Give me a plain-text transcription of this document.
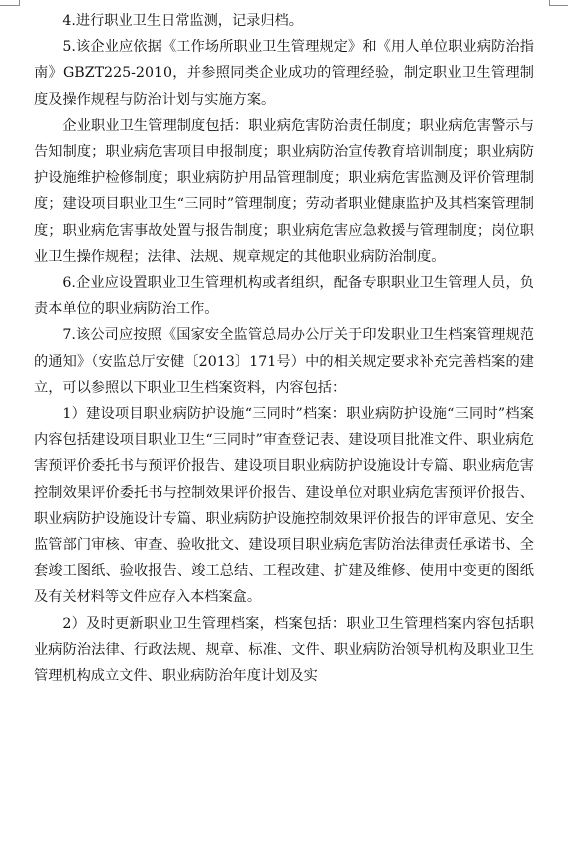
4.进行职业卫生日常监测，记录归档。

5.该企业应依据《工作场所职业卫生管理规定》和《用人单位职业病防治指南》GBZT225-2010，并参照同类企业成功的管理经验，制定职业卫生管理制度及操作规程与防治计划与实施方案。

企业职业卫生管理制度包括：职业病危害防治责任制度；职业病危害警示与告知制度；职业病危害项目申报制度；职业病防治宣传教育培训制度；职业病防护设施维护检修制度；职业病防护用品管理制度；职业病危害监测及评价管理制度；建设项目职业卫生“三同时”管理制度；劳动者职业健康监护及其档案管理制度；职业病危害事故处置与报告制度；职业病危害应急救援与管理制度；岗位职业卫生操作规程；法律、法规、规章规定的其他职业病防治制度。

6.企业应设置职业卫生管理机构或者组织，配备专职职业卫生管理人员，负责本单位的职业病防治工作。

7.该公司应按照《国家安全监管总局办公厅关于印发职业卫生档案管理规范的通知》（安监总厅安健〔2013〕171号）中的相关规定要求补充完善档案的建立，可以参照以下职业卫生档案资料，内容包括：

1）建设项目职业病防护设施“三同时”档案：职业病防护设施“三同时”档案内容包括建设项目职业卫生“三同时”审查登记表、建设项目批准文件、职业病危害预评价委托书与预评价报告、建设项目职业病防护设施设计专篇、职业病危害控制效果评价委托书与控制效果评价报告、建设单位对职业病危害预评价报告、职业病防护设施设计专篇、职业病防护设施控制效果评价报告的评审意见、安全监管部门审核、审查、验收批文、建设项目职业病危害防治法律责任承诺书、全套竣工图纸、验收报告、竣工总结、工程改建、扩建及维修、使用中变更的图纸及有关材料等文件应存入本档案盒。

2）及时更新职业卫生管理档案，档案包括：职业卫生管理档案内容包括职业病防治法律、行政法规、规章、标准、文件、职业病防治领导机构及职业卫生管理机构成立文件、职业病防治年度计划及实
